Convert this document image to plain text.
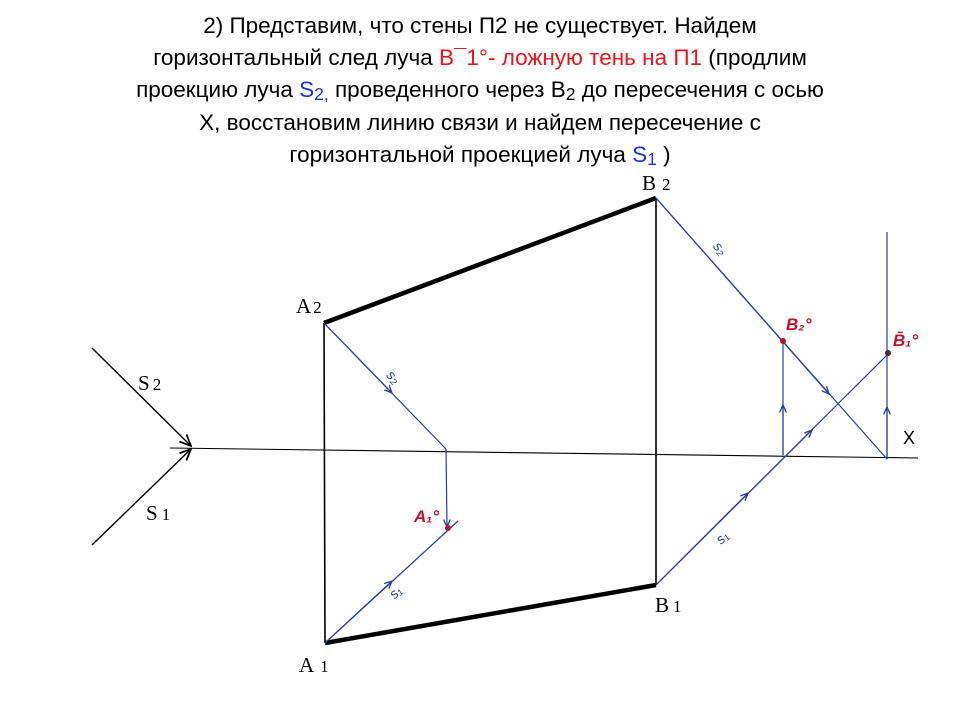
2) Представим, что стены П2 не существует. Найдем
горизонтальный след луча В¯1°- ложную тень на П1 (продлим
проекцию луча $S_{2,}$ проведенного через $В_2$ до пересечения с осью
Х, восстановим линию связи и найдем пересечение с
горизонтальной проекцией луча $S_1$ )
X
A 2
B 2
A 1
B 1
S 2
S 1
s₂
s₂
s₁
s₁
A₁°
B₂°
B̄₁°
